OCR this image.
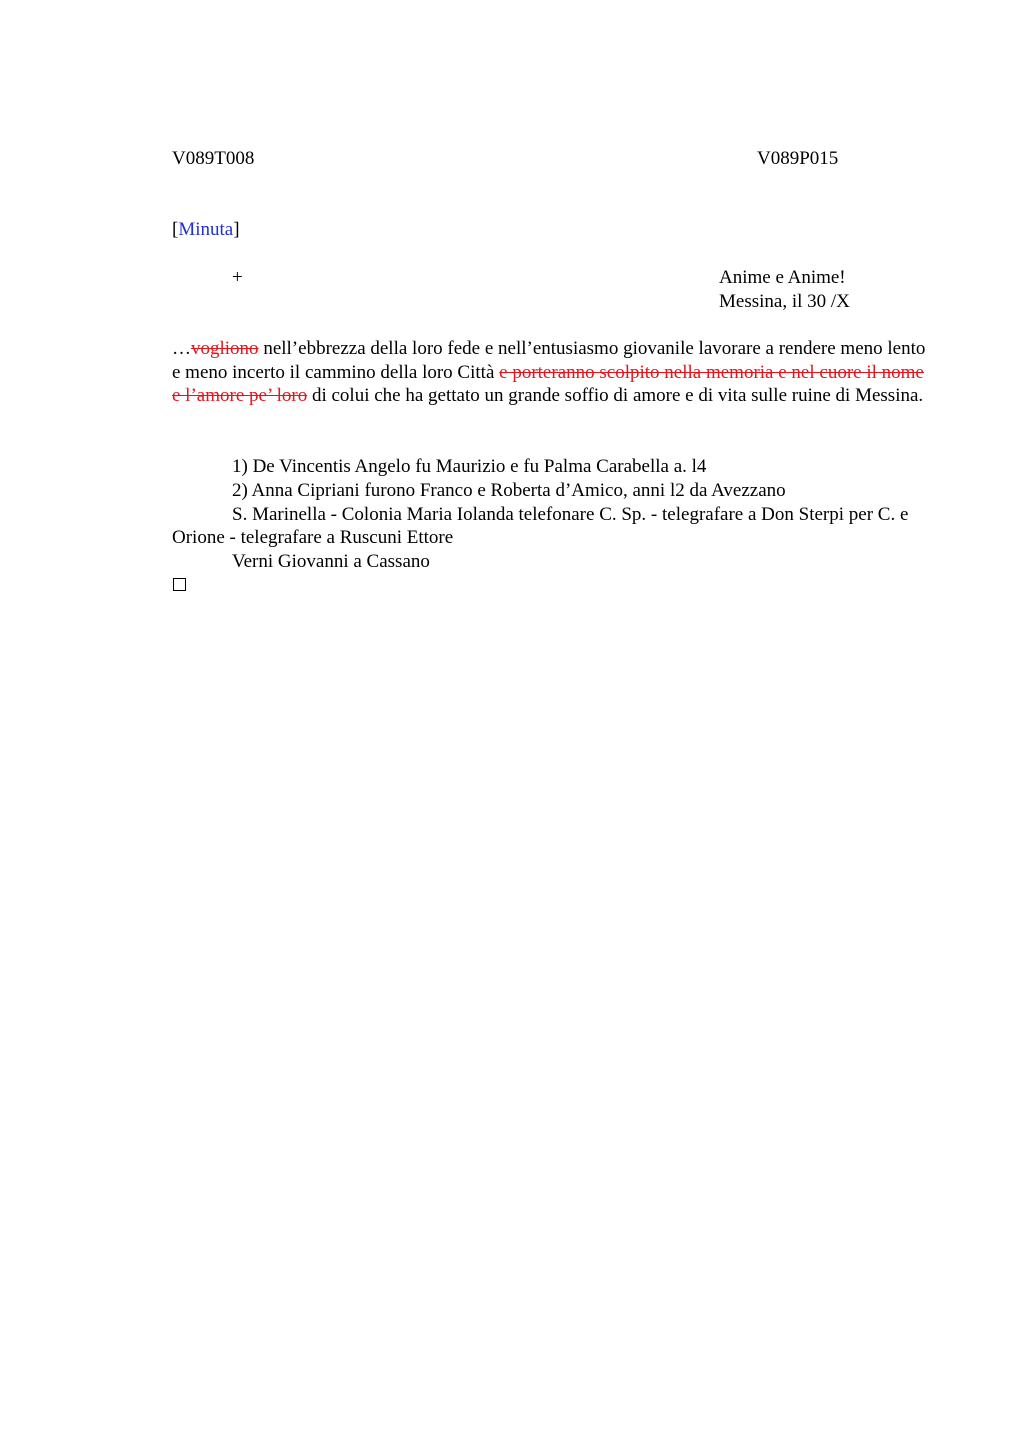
V089T008	V089P015
[Minuta]
+	Anime e Anime!
Messina, il 30 /X
…vogliono nell’ebbrezza della loro fede e nell’entusiasmo giovanile lavorare a rendere meno lento e meno incerto il cammino della loro Città e porteranno scolpito nella memoria e nel cuore il nome e l’amore pe’ loro di colui che ha gettato un grande soffio di amore e di vita sulle ruine di Messina.
1) De Vincentis Angelo fu Maurizio e fu Palma Carabella a. l4
2) Anna Cipriani furono Franco e Roberta d’Amico, anni l2 da Avezzano
S. Marinella - Colonia Maria Iolanda telefonare C. Sp. - telegrafare a Don Sterpi per C. e Orione - telegrafare a Ruscuni Ettore
Verni Giovanni a Cassano
